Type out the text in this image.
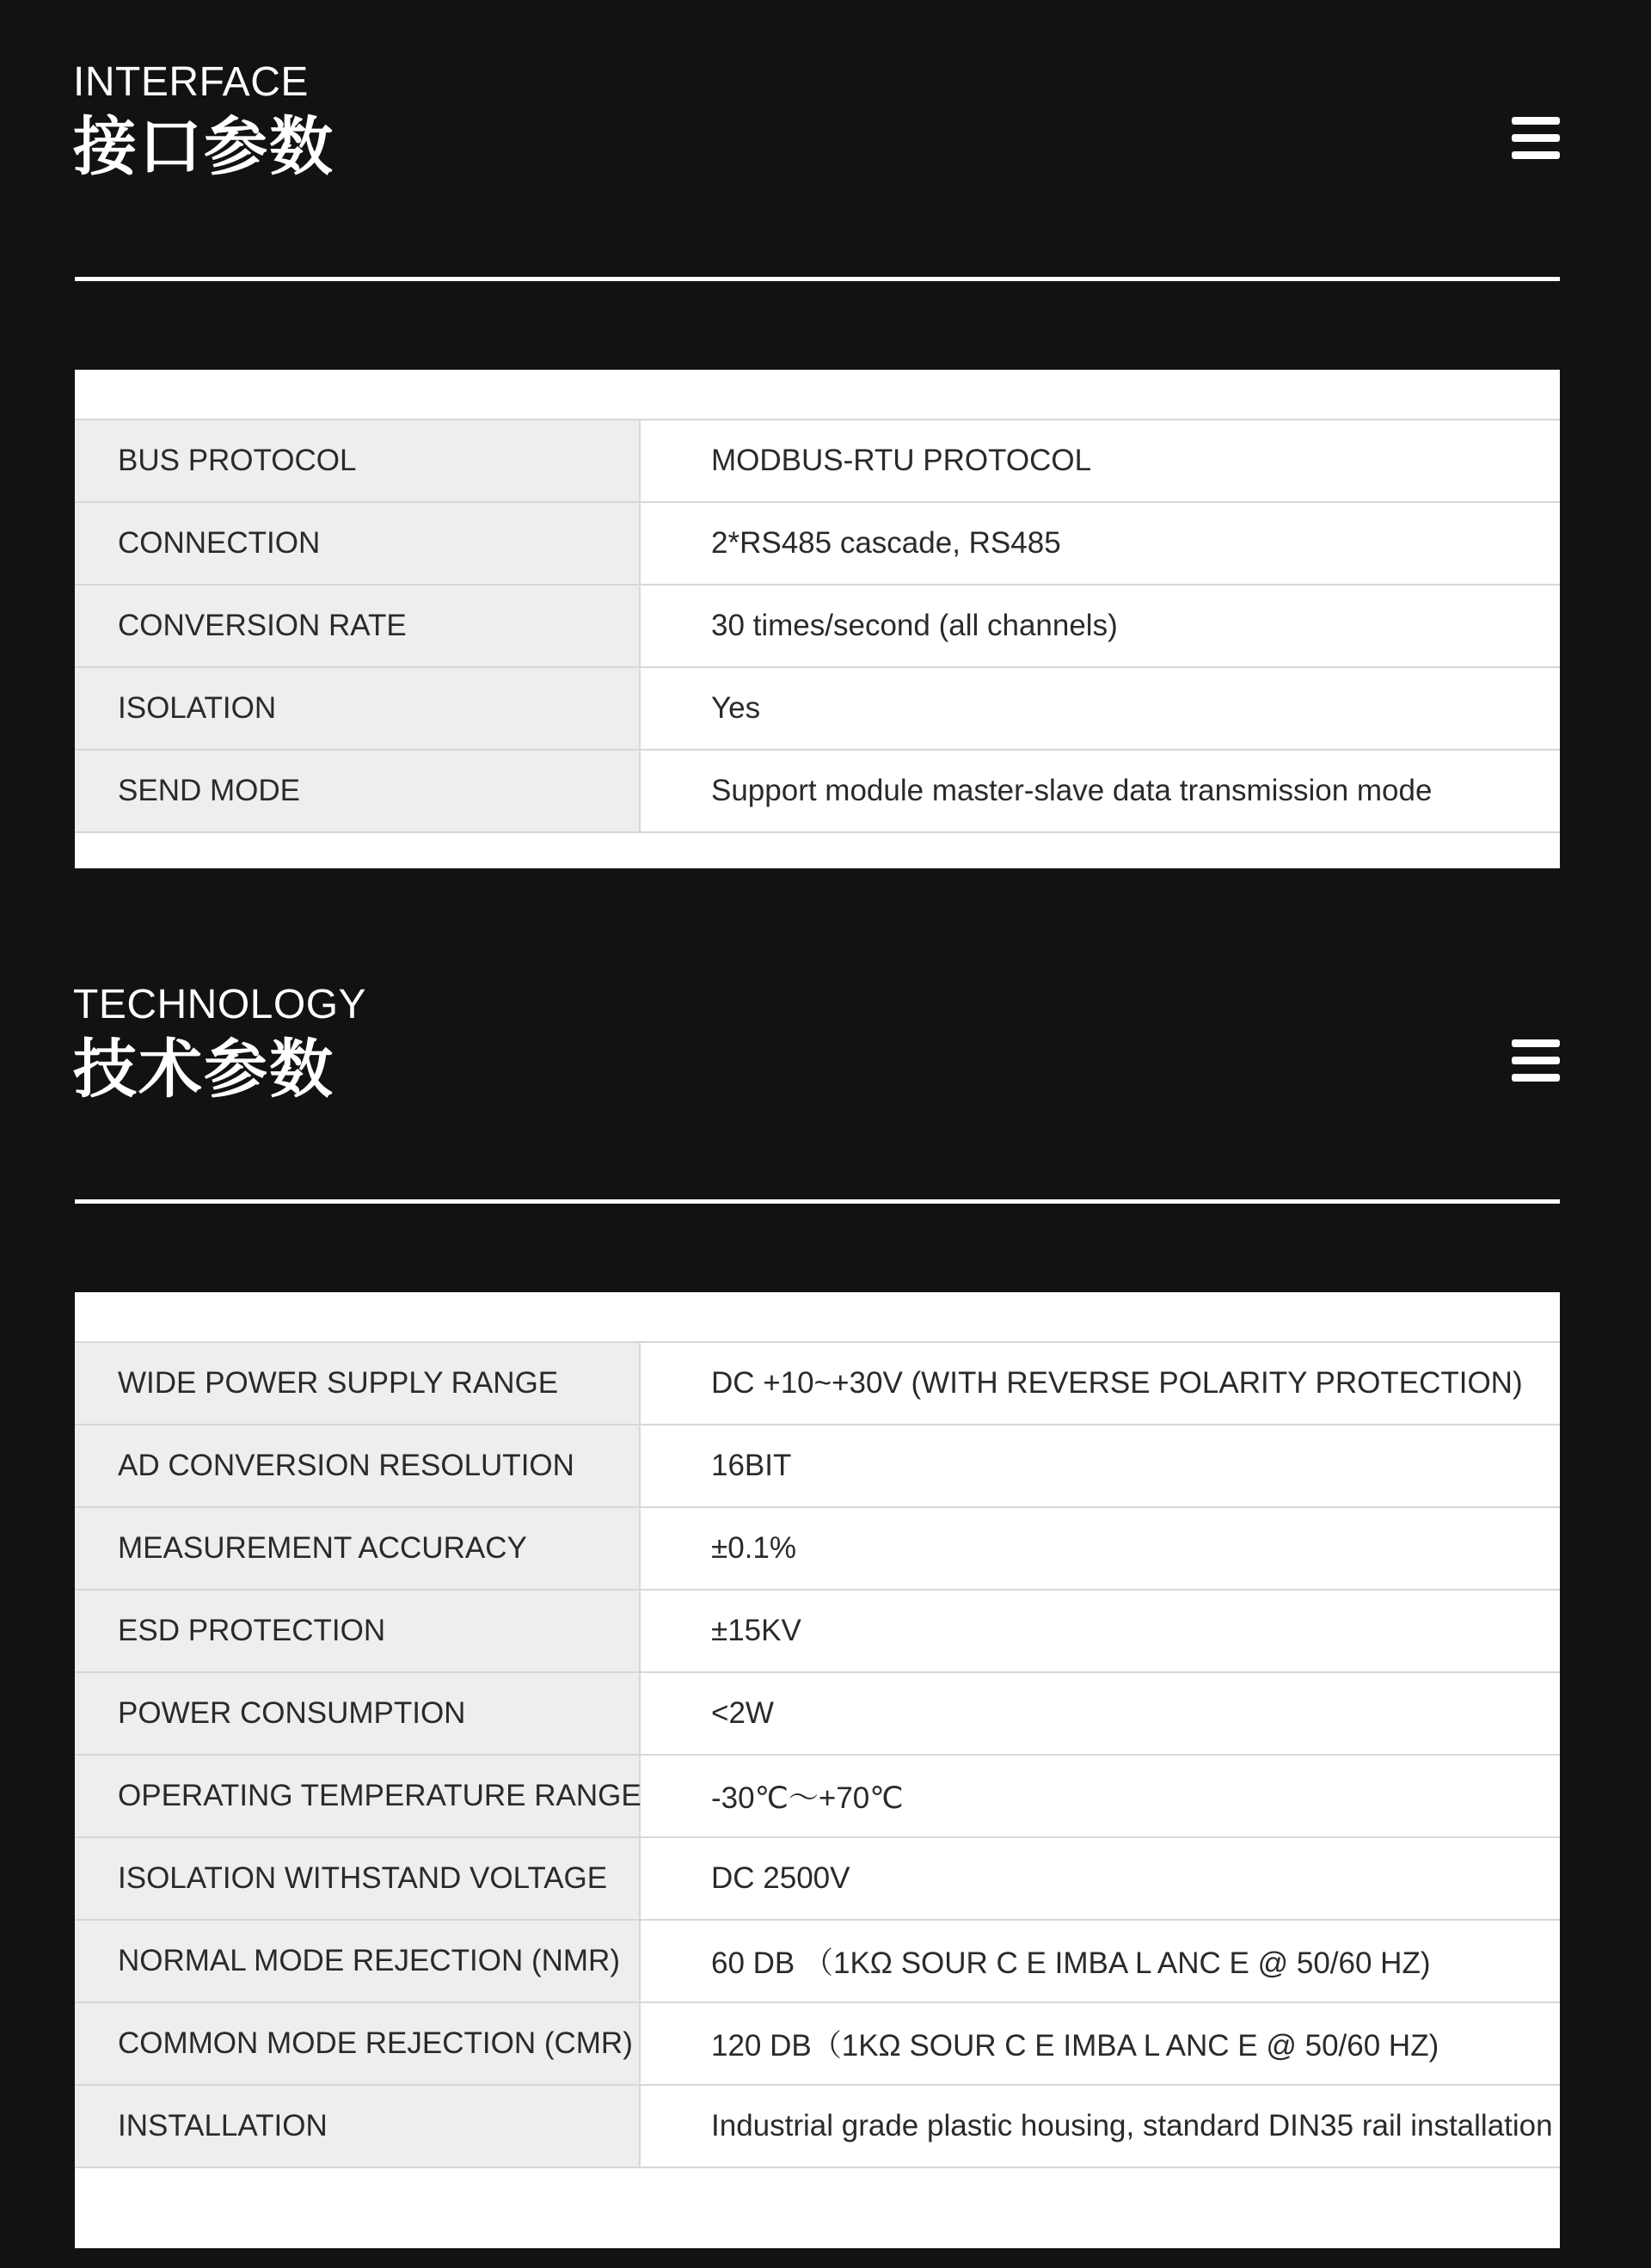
INTERFACE
接口参数
BUS PROTOCOL	MODBUS-RTU PROTOCOL
CONNECTION	2*RS485 cascade, RS485
CONVERSION RATE	30 times/second (all channels)
ISOLATION	Yes
SEND MODE	Support module master-slave data transmission mode
TECHNOLOGY
技术参数
WIDE POWER SUPPLY RANGE	DC +10~+30V (WITH REVERSE POLARITY PROTECTION)
AD CONVERSION RESOLUTION	16BIT
MEASUREMENT ACCURACY	±0.1%
ESD PROTECTION	±15KV
POWER CONSUMPTION	<2W
OPERATING TEMPERATURE RANGE	-30℃～+70℃
ISOLATION WITHSTAND VOLTAGE	DC 2500V
NORMAL MODE REJECTION (NMR)	60 DB （1KΩ SOUR C E IMBA L ANC E @ 50/60 HZ)
COMMON MODE REJECTION (CMR)	120 DB（1KΩ SOUR C E IMBA L ANC E @ 50/60 HZ)
INSTALLATION	Industrial grade plastic housing, standard DIN35 rail installation
